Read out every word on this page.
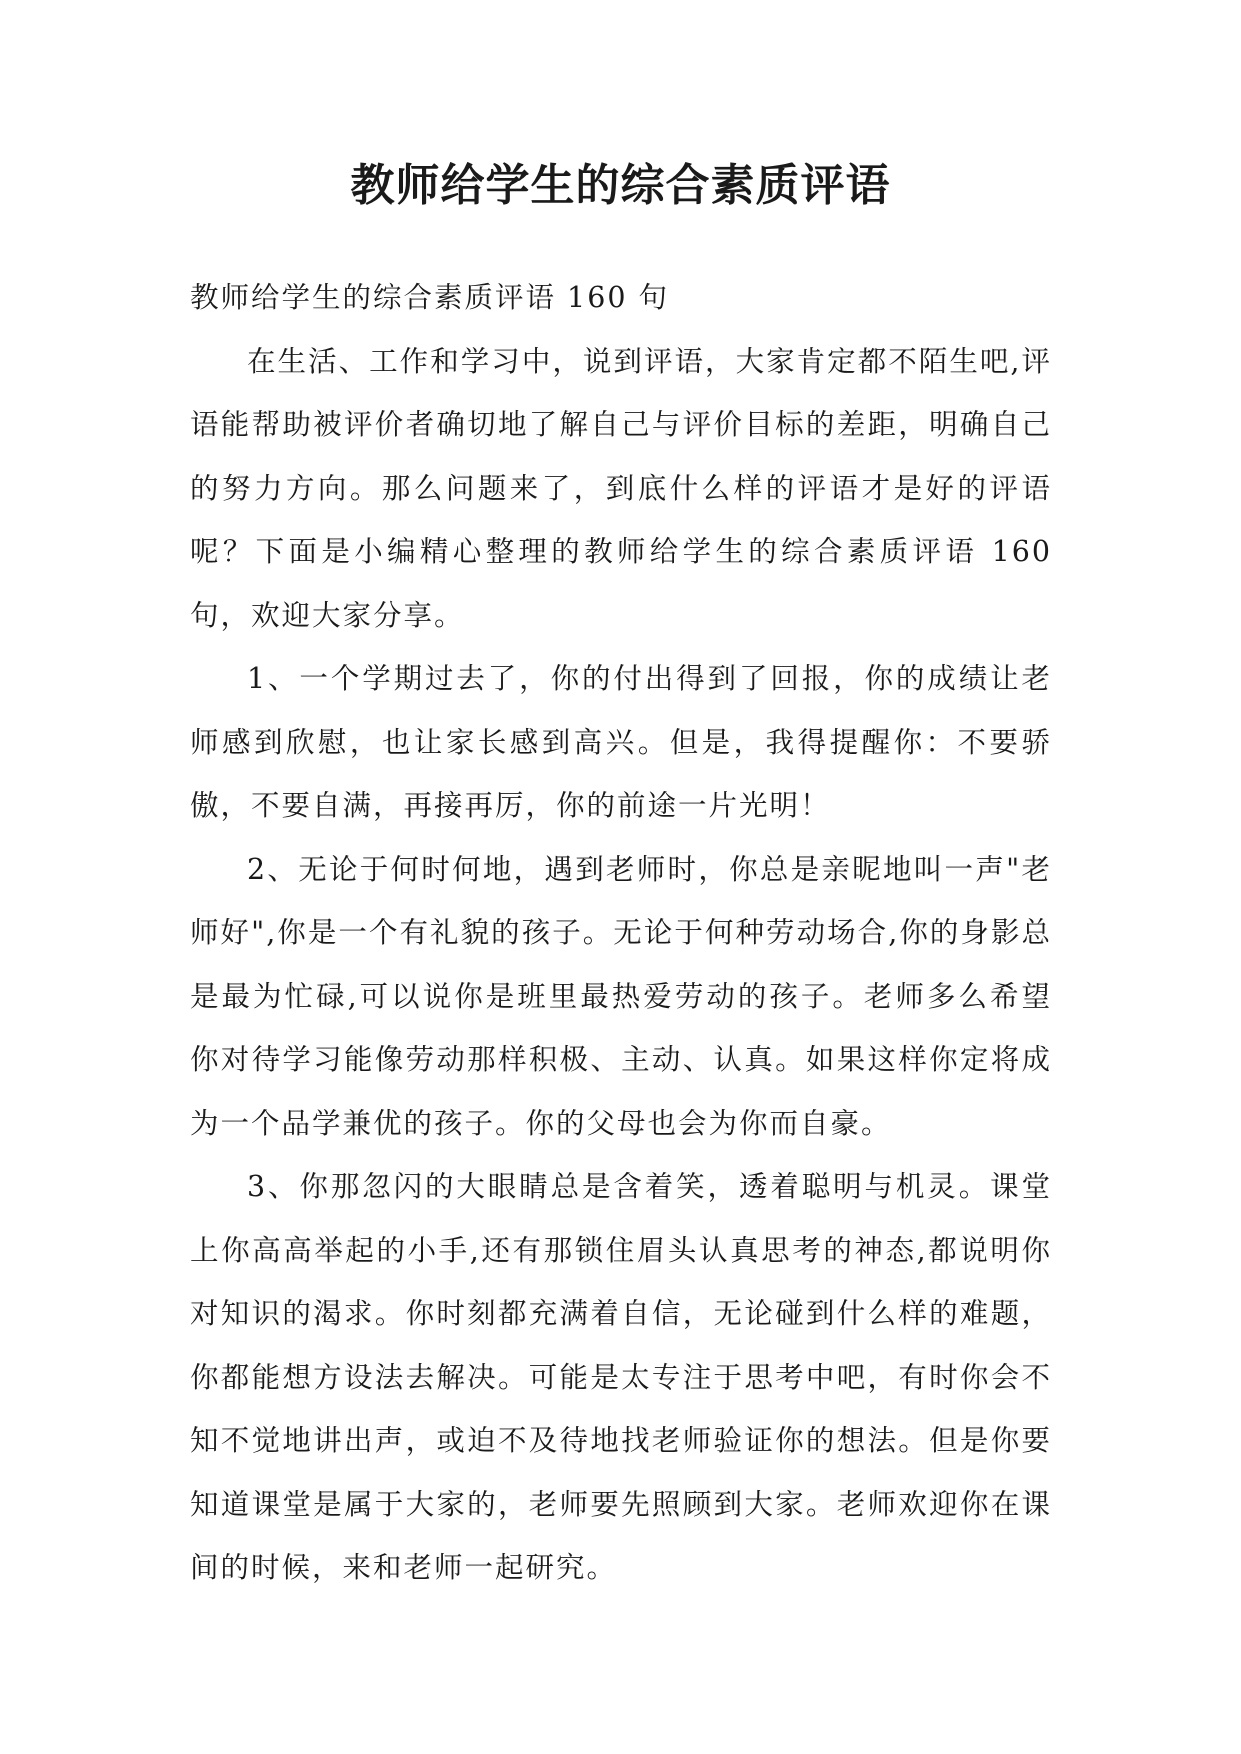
教师给学生的综合素质评语

教师给学生的综合素质评语 160 句

在生活、工作和学习中，说到评语，大家肯定都不陌生吧,评语能帮助被评价者确切地了解自己与评价目标的差距，明确自己的努力方向。那么问题来了，到底什么样的评语才是好的评语呢？下面是小编精心整理的教师给学生的综合素质评语 160 句，欢迎大家分享。

1、一个学期过去了，你的付出得到了回报，你的成绩让老师感到欣慰，也让家长感到高兴。但是，我得提醒你：不要骄傲，不要自满，再接再厉，你的前途一片光明！

2、无论于何时何地，遇到老师时，你总是亲昵地叫一声"老师好",你是一个有礼貌的孩子。无论于何种劳动场合,你的身影总是最为忙碌,可以说你是班里最热爱劳动的孩子。老师多么希望你对待学习能像劳动那样积极、主动、认真。如果这样你定将成为一个品学兼优的孩子。你的父母也会为你而自豪。

3、你那忽闪的大眼睛总是含着笑，透着聪明与机灵。课堂上你高高举起的小手,还有那锁住眉头认真思考的神态,都说明你对知识的渴求。你时刻都充满着自信，无论碰到什么样的难题，你都能想方设法去解决。可能是太专注于思考中吧，有时你会不知不觉地讲出声，或迫不及待地找老师验证你的想法。但是你要知道课堂是属于大家的，老师要先照顾到大家。老师欢迎你在课间的时候，来和老师一起研究。
